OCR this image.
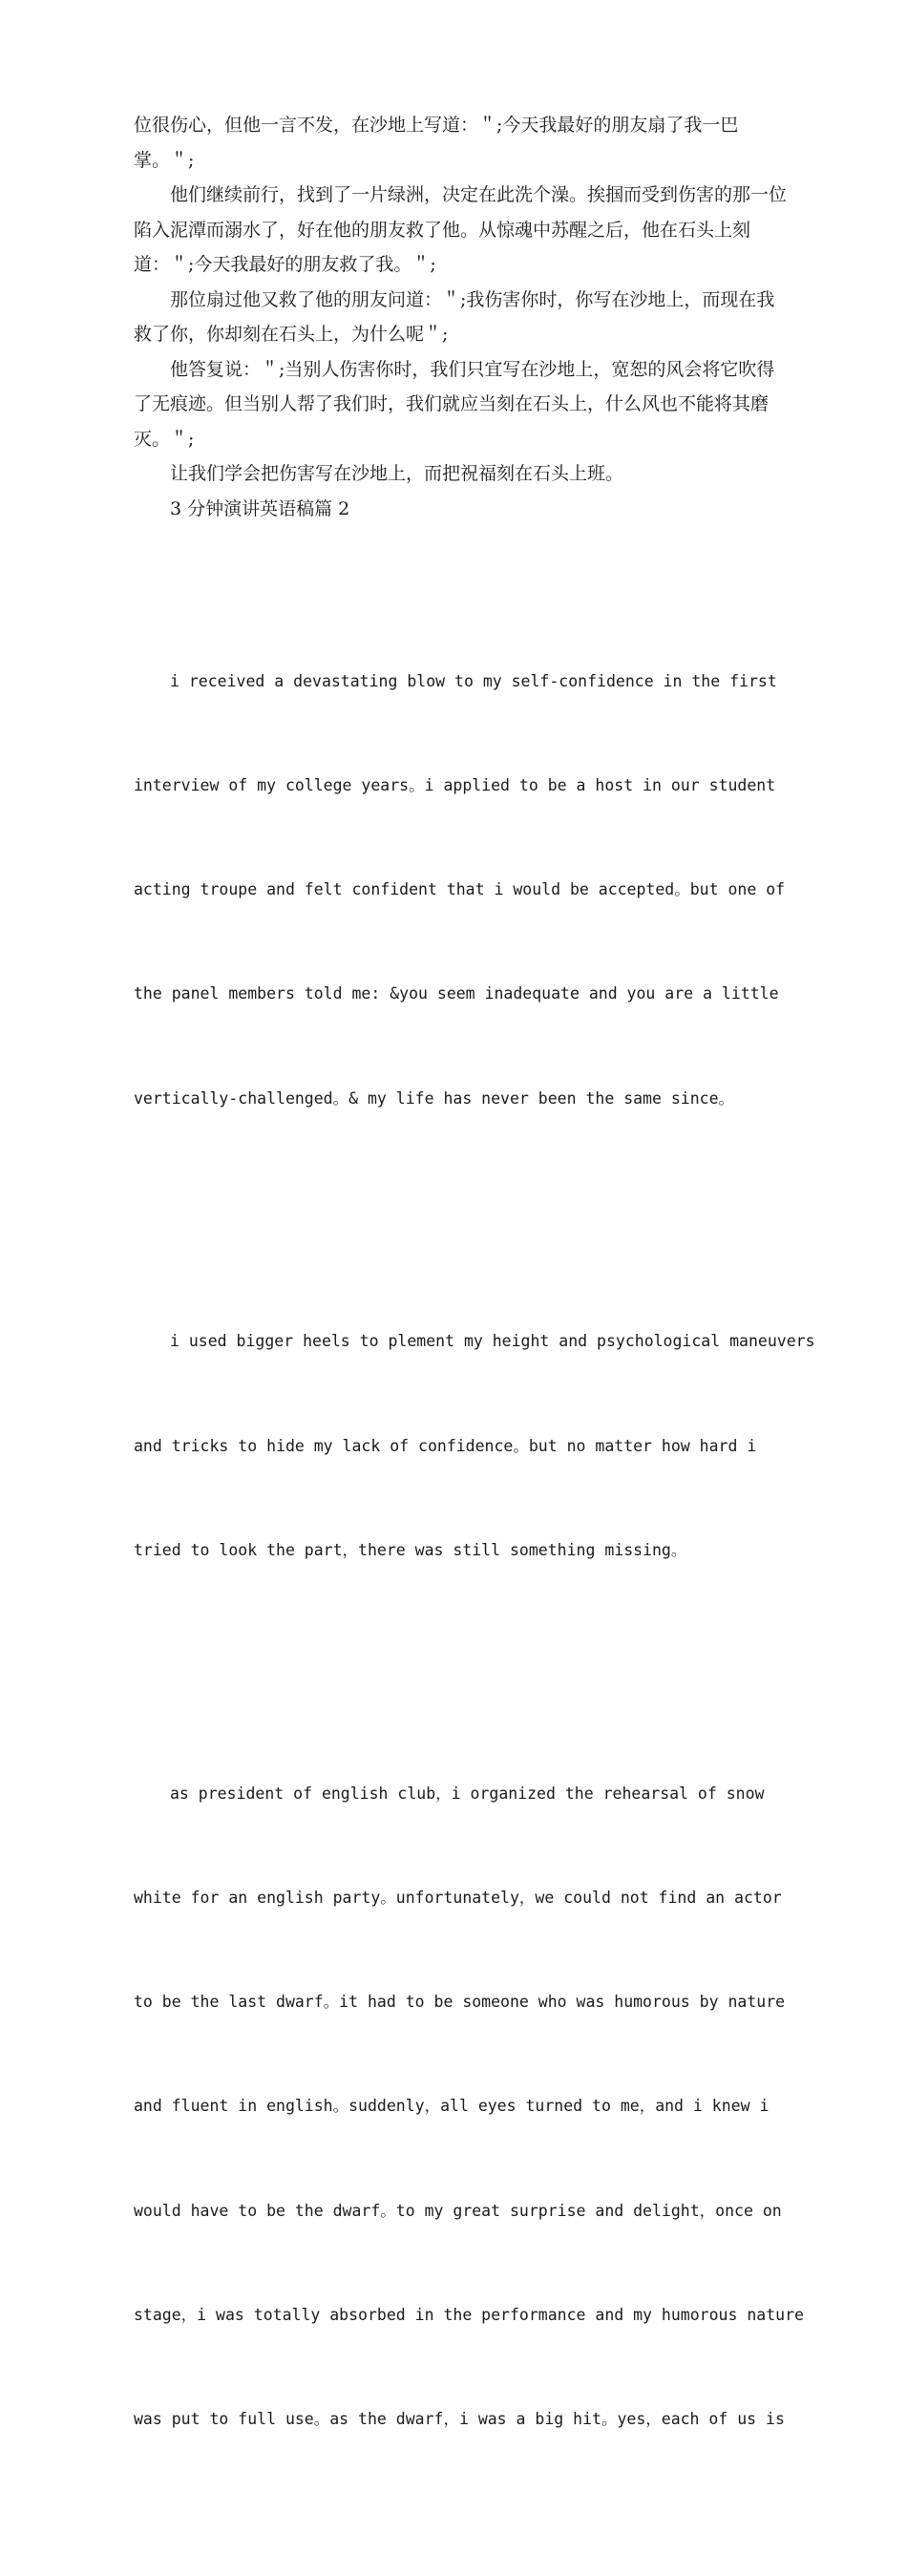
位很伤心，但他一言不发，在沙地上写道：＂;今天我最好的朋友扇了我一巴
掌。＂;
他们继续前行，找到了一片绿洲，决定在此洗个澡。挨掴而受到伤害的那一位
陷入泥潭而溺水了，好在他的朋友救了他。从惊魂中苏醒之后，他在石头上刻
道：＂;今天我最好的朋友救了我。＂;
那位扇过他又救了他的朋友问道：＂;我伤害你时，你写在沙地上，而现在我
救了你，你却刻在石头上，为什么呢＂;
他答复说：＂;当别人伤害你时，我们只宜写在沙地上，宽恕的风会将它吹得
了无痕迹。但当别人帮了我们时，我们就应当刻在石头上，什么风也不能将其磨
灭。＂;
让我们学会把伤害写在沙地上，而把祝福刻在石头上班。
3 分钟演讲英语稿篇 2

i received a devastating blow to my self-confidence in the first

interview of my college years。i applied to be a host in our student

acting troupe and felt confident that i would be accepted。but one of

the panel members told me: &you seem inadequate and you are a little

vertically-challenged。& my life has never been the same since。

i used bigger heels to plement my height and psychological maneuvers

and tricks to hide my lack of confidence。but no matter how hard i

tried to look the part，there was still something missing。

as president of english club，i organized the rehearsal of snow

white for an english party。unfortunately，we could not find an actor

to be the last dwarf。it had to be someone who was humorous by nature

and fluent in english。suddenly，all eyes turned to me，and i knew i

would have to be the dwarf。to my great surprise and delight，once on

stage，i was totally absorbed in the performance and my humorous nature

was put to full use。as the dwarf，i was a big hit。yes，each of us is
